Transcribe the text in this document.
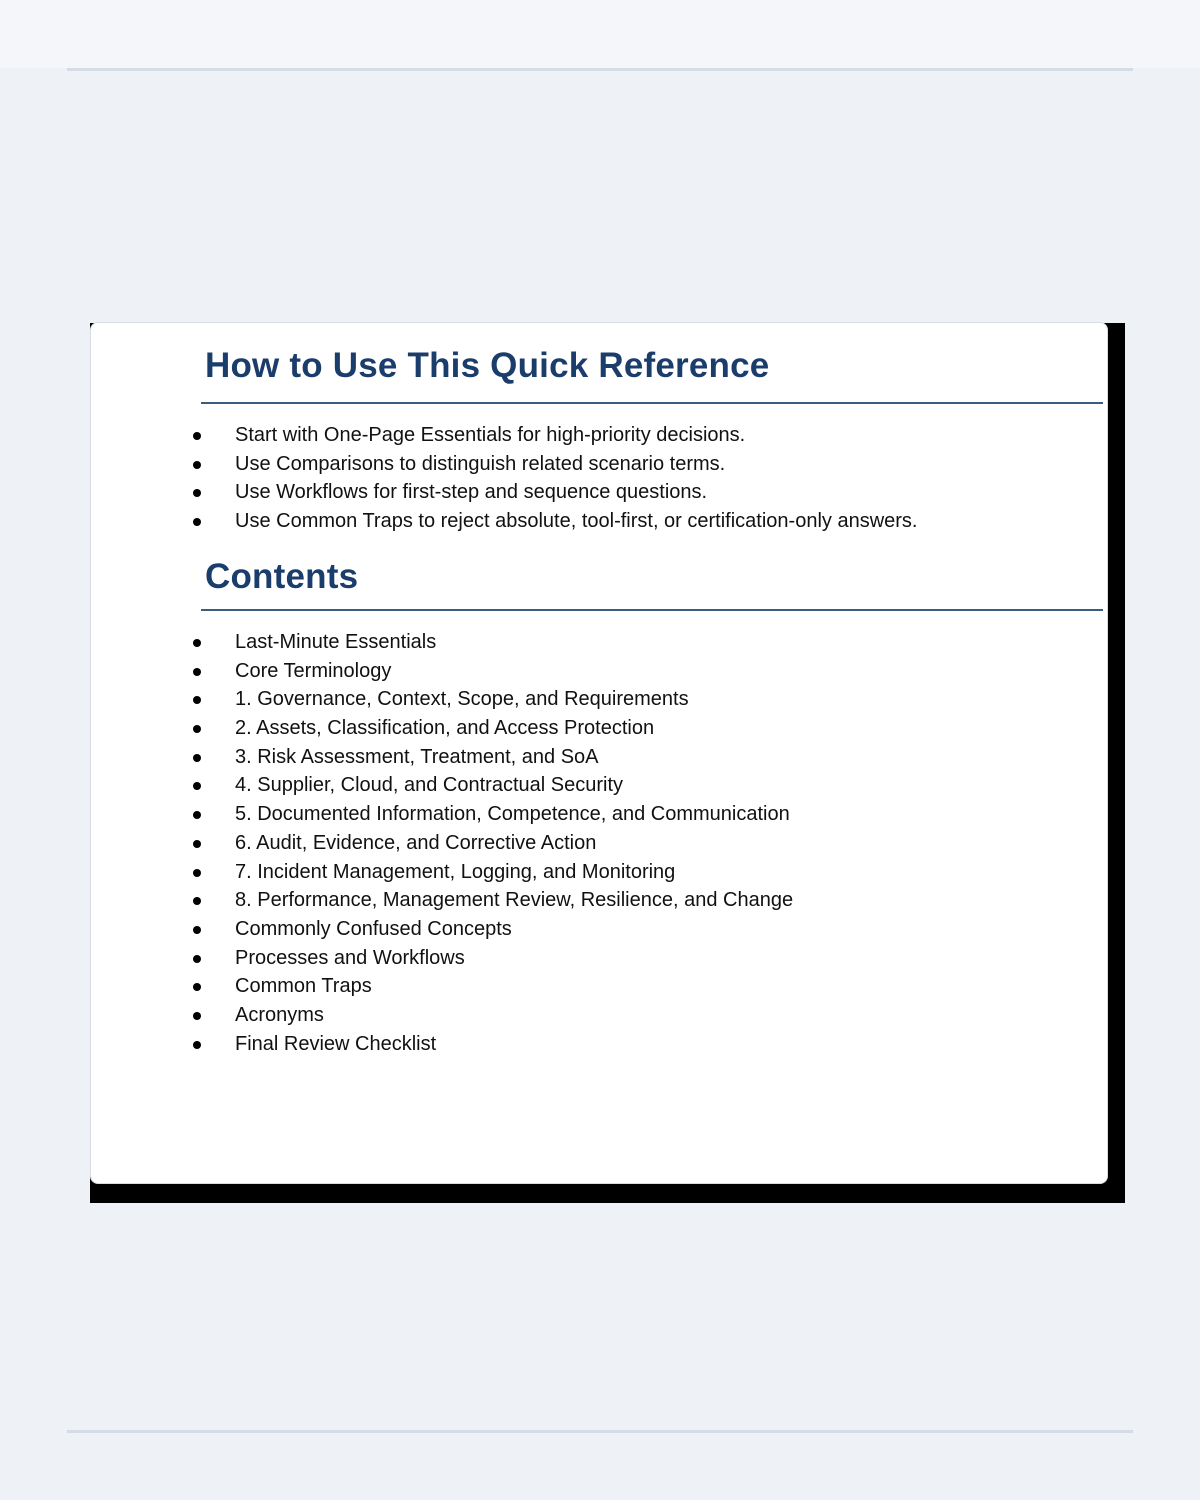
How to Use This Quick Reference
Start with One-Page Essentials for high-priority decisions.
Use Comparisons to distinguish related scenario terms.
Use Workflows for first-step and sequence questions.
Use Common Traps to reject absolute, tool-first, or certification-only answers.
Contents
Last-Minute Essentials
Core Terminology
1. Governance, Context, Scope, and Requirements
2. Assets, Classification, and Access Protection
3. Risk Assessment, Treatment, and SoA
4. Supplier, Cloud, and Contractual Security
5. Documented Information, Competence, and Communication
6. Audit, Evidence, and Corrective Action
7. Incident Management, Logging, and Monitoring
8. Performance, Management Review, Resilience, and Change
Commonly Confused Concepts
Processes and Workflows
Common Traps
Acronyms
Final Review Checklist
